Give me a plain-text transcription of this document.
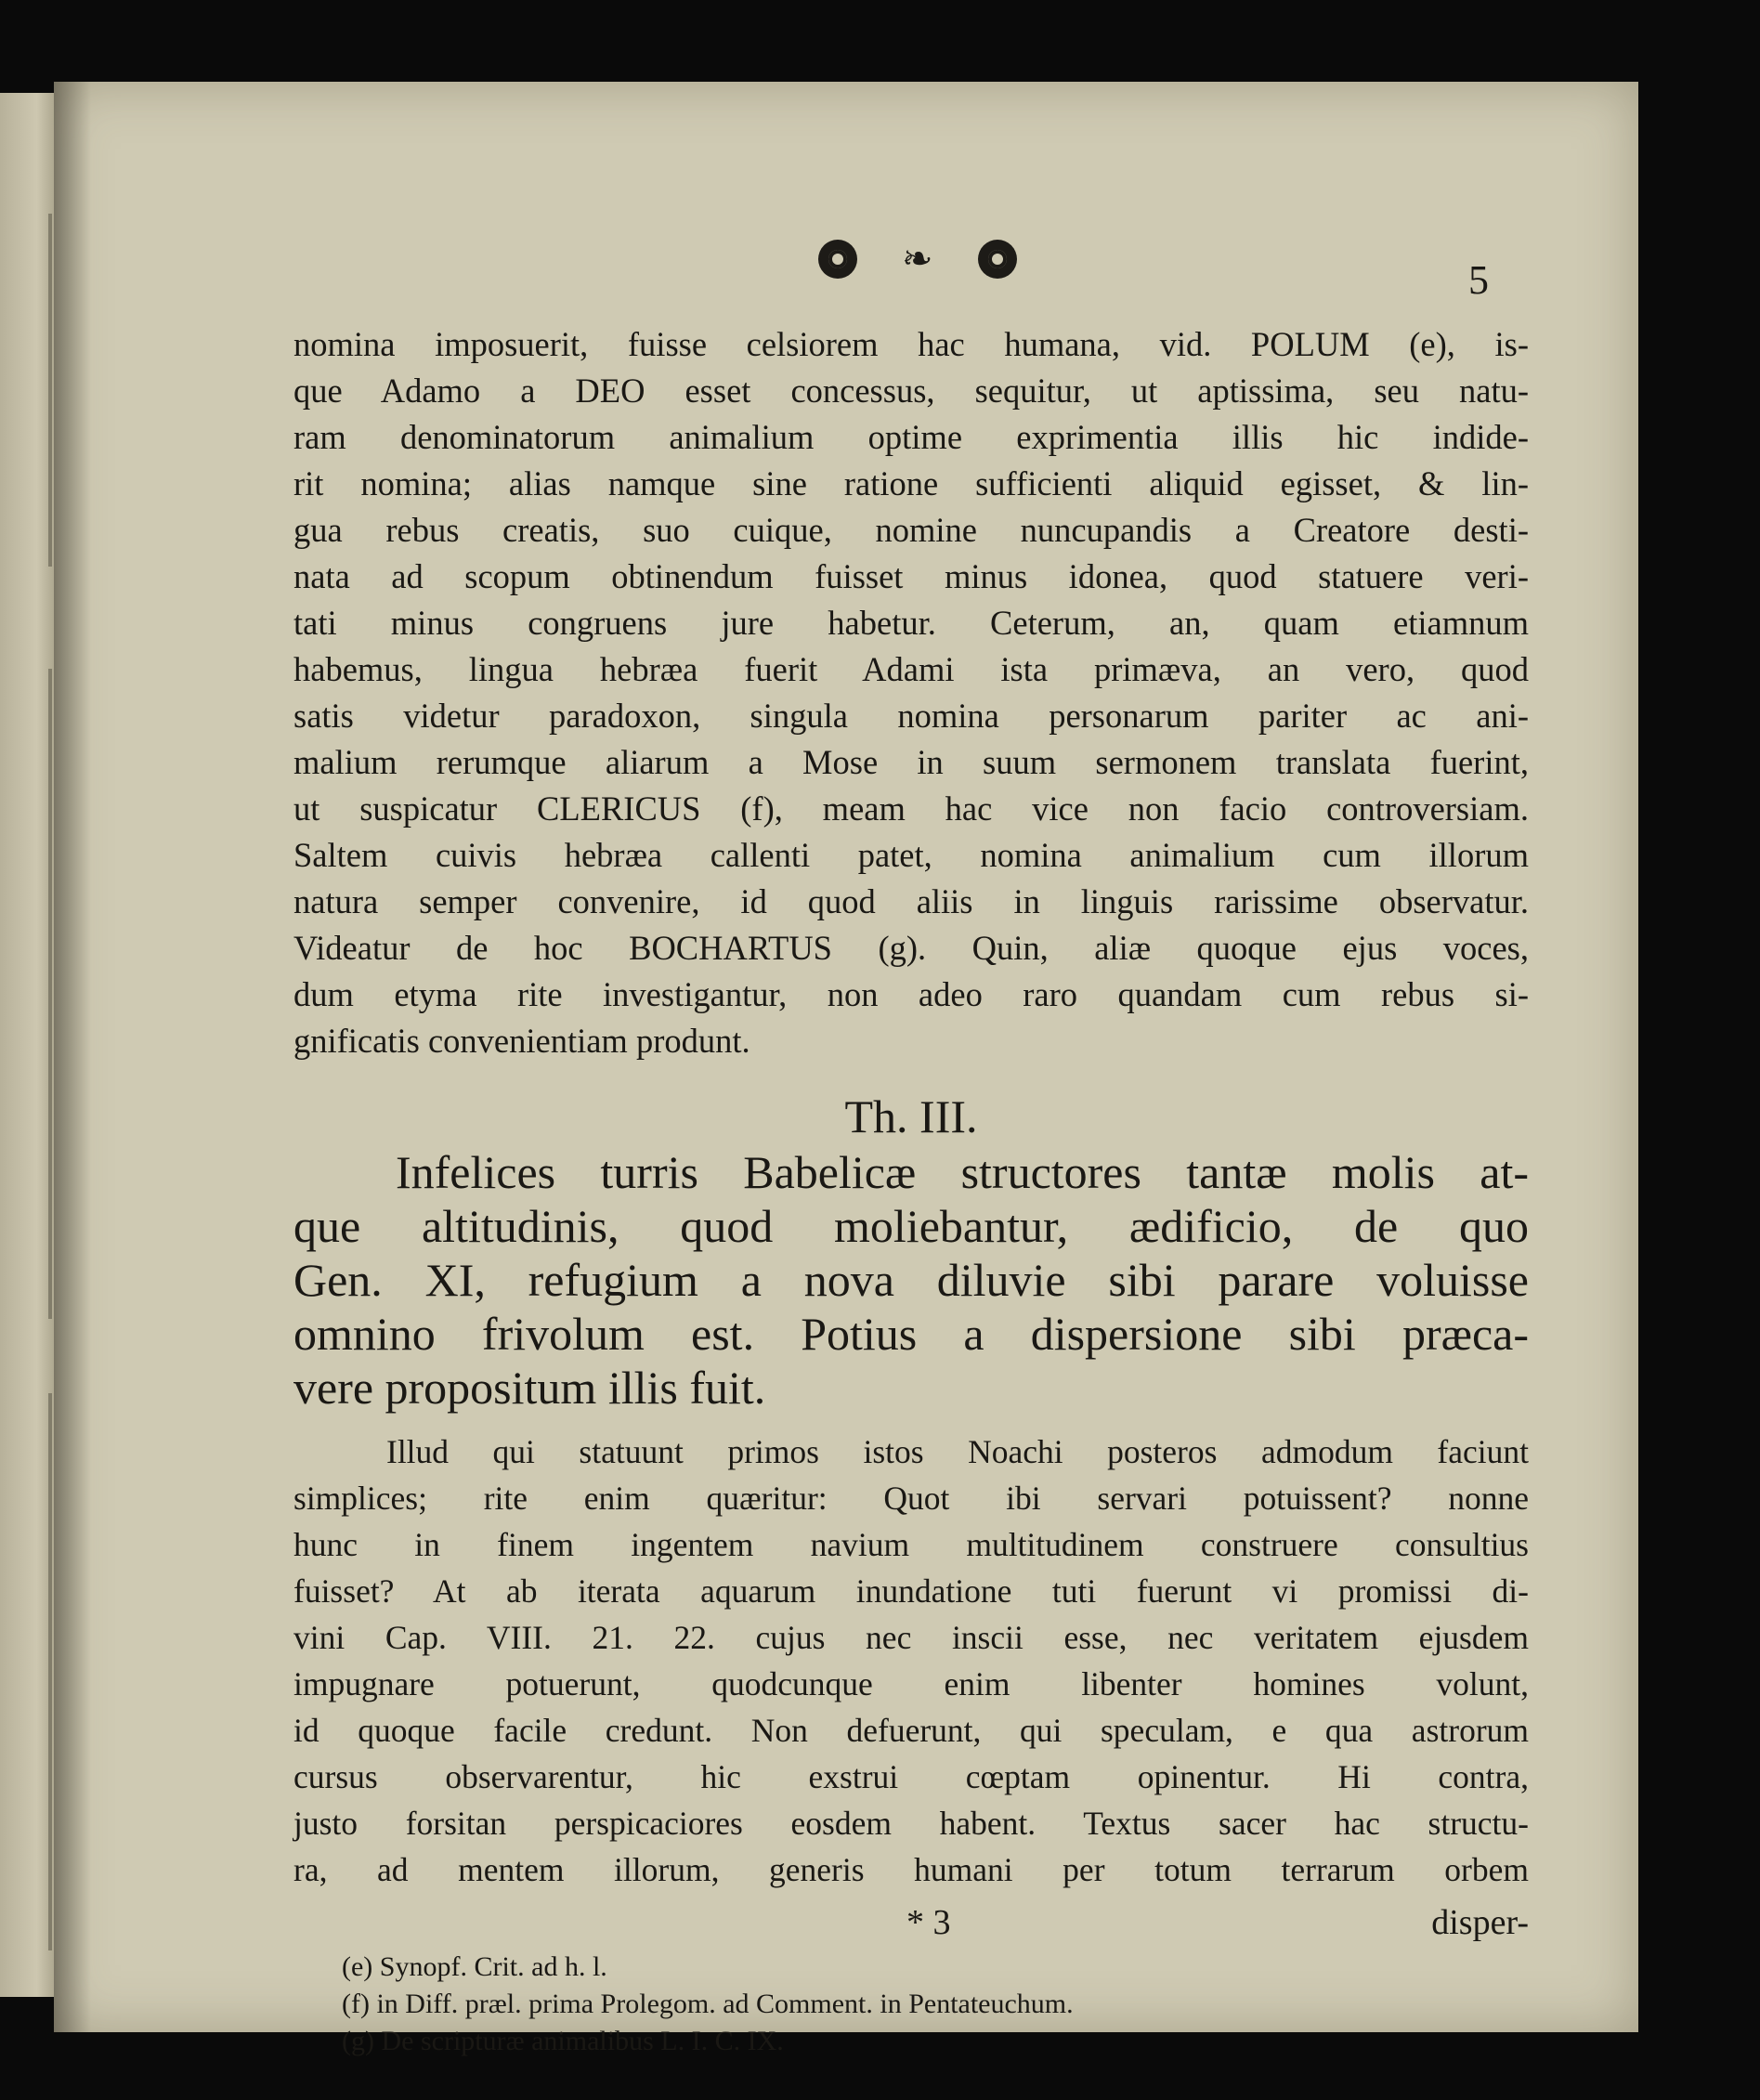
❧	5

nomina imposuerit, fuisse celsiorem hac humana, vid. POLUM (e), is-
que Adamo a DEO esset concessus, sequitur, ut aptissima, seu natu-
ram denominatorum animalium optime exprimentia illis hic indide-
rit nomina; alias namque sine ratione sufficienti aliquid egisset, & lin-
gua rebus creatis, suo cuique, nomine nuncupandis a Creatore desti-
nata ad scopum obtinendum fuisset minus idonea, quod statuere veri-
tati minus congruens jure habetur. Ceterum, an, quam etiamnum
habemus, lingua hebræa fuerit Adami ista primæva, an vero, quod
satis videtur paradoxon, singula nomina personarum pariter ac ani-
malium rerumque aliarum a Mose in suum sermonem translata fuerint,
ut suspicatur CLERICUS (f), meam hac vice non facio controversiam.
Saltem cuivis hebræa callenti patet, nomina animalium cum illorum
natura semper convenire, id quod aliis in linguis rarissime observatur.
Videatur de hoc BOCHARTUS (g). Quin, aliæ quoque ejus voces,
dum etyma rite investigantur, non adeo raro quandam cum rebus si-
gnificatis convenientiam produnt.

Th. III.

Infelices turris Babelicæ structores tantæ molis at-
que altitudinis, quod moliebantur, ædificio, de quo
Gen. XI, refugium a nova diluvie sibi parare voluisse
omnino frivolum est. Potius a dispersione sibi præca-
vere propositum illis fuit.

Illud qui statuunt primos istos Noachi posteros admodum faciunt
simplices; rite enim quæritur: Quot ibi servari potuissent? nonne
hunc in finem ingentem navium multitudinem construere consultius
fuisset? At ab iterata aquarum inundatione tuti fuerunt vi promissi di-
vini Cap. VIII. 21. 22. cujus nec inscii esse, nec veritatem ejusdem
impugnare potuerunt, quodcunque enim libenter homines volunt,
id quoque facile credunt. Non defuerunt, qui speculam, e qua astrorum
cursus observarentur, hic exstrui cœptam opinentur. Hi contra,
justo forsitan perspicaciores eosdem habent. Textus sacer hac structu-
ra, ad mentem illorum, generis humani per totum terrarum orbem

* 3	disper-
(e) Synopf. Crit. ad h. l.
(f) in Diff. præl. prima Prolegom. ad Comment. in Pentateuchum.
(g) De scripturæ animalibus L. I. C. IX.
